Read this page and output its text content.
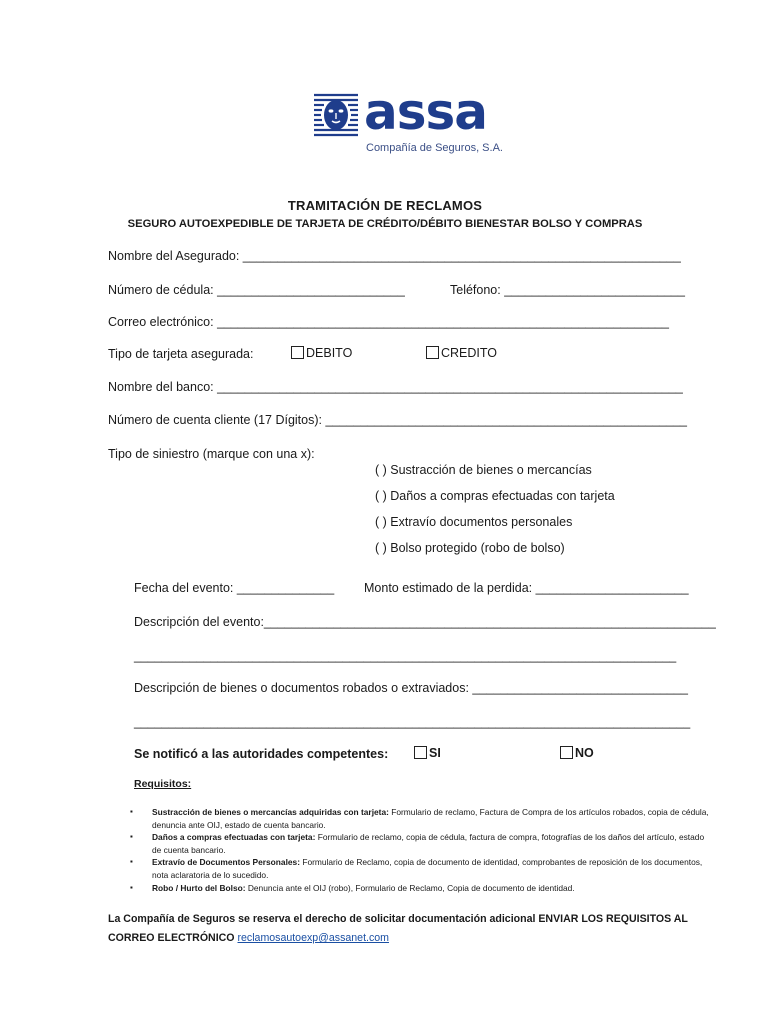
assa
Compañía de Seguros, S.A.
TRAMITACIÓN DE RECLAMOS
SEGURO AUTOEXPEDIBLE DE TARJETA DE CRÉDITO/DÉBITO BIENESTAR BOLSO Y COMPRAS
Nombre del Asegurado: _______________________________________________________________
Número de cédula: ___________________________	Teléfono: __________________________
Correo electrónico: _________________________________________________________________
Tipo de tarjeta asegurada:	DEBITO	CREDITO
Nombre del banco: ___________________________________________________________________
Número de cuenta cliente (17 Dígitos): ____________________________________________________
Tipo de siniestro (marque con una x):
( ) Sustracción de bienes o mercancías
( ) Daños a compras efectuadas con tarjeta
( ) Extravío documentos personales
( ) Bolso protegido (robo de bolso)
Fecha del evento: ______________ Monto estimado de la perdida: ______________________
Descripción del evento:_________________________________________________________________
______________________________________________________________________________
Descripción de bienes o documentos robados o extraviados: _______________________________
________________________________________________________________________________
Se notificó a las autoridades competentes:	SI	NO
Requisitos:
▪ Sustracción de bienes o mercancías adquiridas con tarjeta: Formulario de reclamo, Factura de Compra de los artículos robados, copia de cédula, denuncia ante OIJ, estado de cuenta bancario.
▪ Daños a compras efectuadas con tarjeta: Formulario de reclamo, copia de cédula, factura de compra, fotografías de los daños del artículo, estado de cuenta bancario.
▪ Extravío de Documentos Personales: Formulario de Reclamo, copia de documento de identidad, comprobantes de reposición de los documentos, nota aclaratoria de lo sucedido.
▪ Robo / Hurto del Bolso: Denuncia ante el OIJ (robo), Formulario de Reclamo, Copia de documento de identidad.
La Compañía de Seguros se reserva el derecho de solicitar documentación adicional ENVIAR LOS REQUISITOS AL
CORREO ELECTRÓNICO reclamosautoexp@assanet.com
